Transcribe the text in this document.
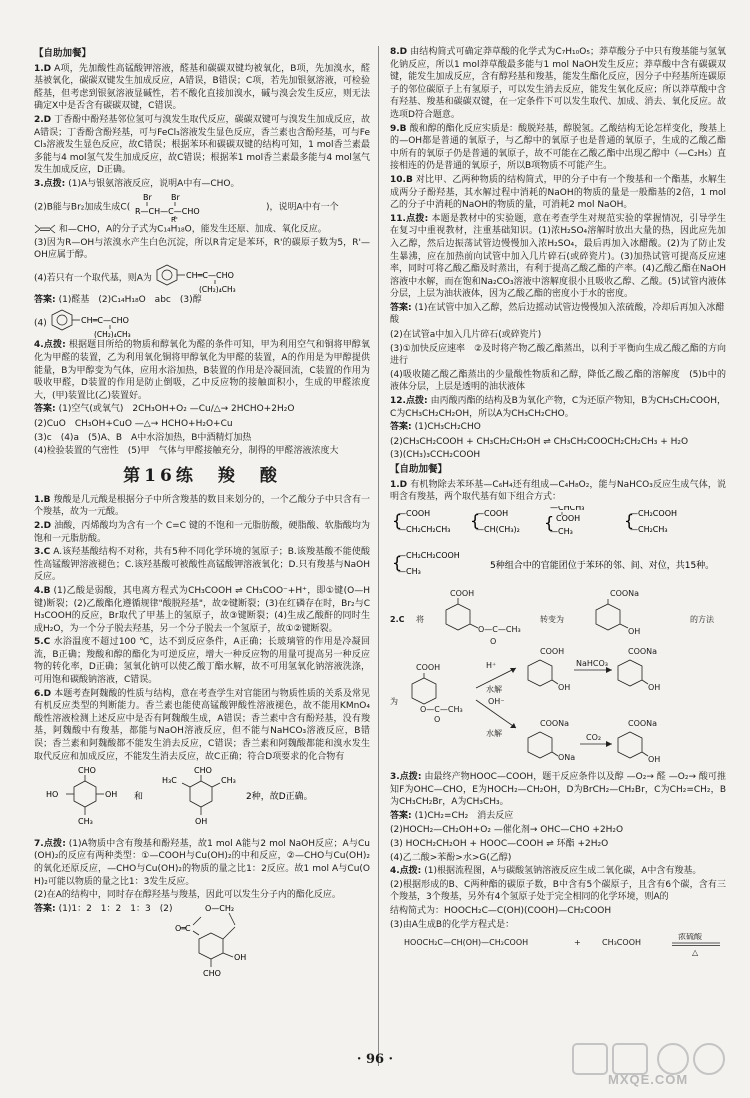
【自助加餐】
1.D A项，先加酸性高锰酸钾溶液，醛基和碳碳双键均被氧化，B项，先加溴水，醛基被氧化，碳碳双键发生加成反应，A错误，B错误；C项，若先加银氨溶液，可检验醛基，但考虑到银氨溶液显碱性，若不酸化直接加溴水，碱与溴会发生反应，则无法确定X中是否含有碳碳双键，C错误。
2.D 丁香酚中酚羟基邻位氢可与溴发生取代反应，碳碳双键可与溴发生加成反应，故A错误；丁香酚含酚羟基，可与FeCl₃溶液发生显色反应，香兰素也含酚羟基，可与FeCl₃溶液发生显色反应，故C错误；根据苯环和碳碳双键的结构可知，1 mol香兰素最多能与4 mol氢气发生加成反应，故C错误；根据苯1 mol香兰素最多能与4 mol氢气发生加成反应，D正确。
3.点拨: (1)A与银氨溶液反应，说明A中有—CHO。
(2)B能与Br₂加成生成C(
Br Br
R—CH—C—CHO
R'
)，说明A中有一个
和—CHO，A的分子式为C₁₄H₁₈O，能发生还原、加成、氧化反应。
(3)因为R—OH与浓溴水产生白色沉淀，所以R肯定是苯环，R'的碳原子数为5，R'—OH应属于醇。
(4)若只有一个取代基，则A为	CH═C—CHO
(CH₂)₄CH₃
答案: (1)醛基　(2)C₁₄H₁₈O　abc　(3)醇
(4)	CH═C—CHO
(CH₂)₄CH₃
4.点拨: 根据题目所给的物质和醇氧化为醛的条件可知，甲为利用空气和铜将甲醇氧化为甲醛的装置，乙为利用氧化铜将甲醇氧化为甲醛的装置，A的作用是为甲醇提供能量，B为甲醇变为气体，应用水浴加热，B装置的作用是冷凝回流，C装置的作用为吸收甲醛，D装置的作用是防止倒吸，乙中反应物的接触面积小，生成的甲醛浓度大，(甲)装置比(乙)装置好。
答案: (1)空气(或氧气)　2CH₃OH+O₂ —Cu/△→ 2HCHO+2H₂O
(2)CuO　CH₃OH+CuO —△→ HCHO+H₂O+Cu
(3)c　(4)a　(5)A、B　A中水浴加热，B中酒精灯加热
(4)检验装置的气密性　(5)甲　气体与甲醛接触充分，制得的甲醛溶液浓度大
第16练　羧　酸
1.B 羧酸是几元酸是根据分子中所含羧基的数目来划分的，一个乙酸分子中只含有一个羧基，故为一元酸。
2.D 油酸，丙烯酸均为含有一个 C=C 键的不饱和一元脂肪酸，硬脂酸、软脂酸均为饱和一元脂肪酸。
3.C A.该羟基酸结构不对称，共有5种不同化学环境的氢原子；B.该羧基酸不能使酸性高锰酸钾溶液褪色；C.该羟基酸可被酸性高锰酸钾溶液氧化；D.只有羧基与NaOH反应。
4.B (1)乙酸是弱酸，其电离方程式为CH₃COOH ⇌ CH₃COO⁻+H⁺，即①键(O—H键)断裂；(2)乙酸酯化遵循规律"酸脱羟基"，故②键断裂；(3)在红磷存在时，Br₂与CH₃COOH的反应，Br取代了甲基上的氢原子，故③键断裂；(4)生成乙酸酐的同时生成H₂O，为一个分子脱去羟基，另一个分子脱去一个氢原子，故①②键断裂。
5.C 水浴温度不超过100 ℃，达不到反应条件，A正确；长玻璃管的作用是冷凝回流，B正确；羧酸和醇的酯化为可逆反应，增大一种反应物的用量可提高另一种反应物的转化率，D正确；氢氧化钠可以使乙酸丁酯水解，故不可用氢氧化钠溶液洗涤，可用饱和碳酸钠溶液，C错误。
6.D 本题考查阿魏酸的性质与结构，意在考查学生对官能团与物质性质的关系及常见有机反应类型的判断能力。香兰素也能使高锰酸钾酸性溶液褪色，故不能用KMnO₄酸性溶液检测上述反应中是否有阿魏酸生成，A错误；香兰素中含有酚羟基，没有羧基，阿魏酸中有羧基，都能与NaOH溶液反应，但不能与NaHCO₃溶液反应，B错误；香兰素和阿魏酸都不能发生消去反应，C错误；香兰素和阿魏酸都能和溴水发生取代反应和加成反应，不能发生消去反应，故C正确；符合D项要求的化合物有
CHO
HO	OH
CH₃
和
CHO
H₃C	CH₃
OH
2种，故D正确。
7.点拨: (1)A物质中含有羧基和酚羟基，故1 mol A能与2 mol NaOH反应；A与Cu(OH)₂的反应有两种类型：①—COOH与Cu(OH)₂的中和反应，②—CHO与Cu(OH)₂的氧化还原反应，—CHO与Cu(OH)₂的物质的量之比1：2反应。故1 mol A与Cu(OH)₂可能以物质的量之比1：3发生反应。
(2)在A的结构中，同时存在醇羟基与羧基，因此可以发生分子内的酯化反应。
答案: (1)1：2　1：2　1：3　(2)	O—CH₂
C
O═
OH
CHO
8.D 由结构简式可确定莽草酸的化学式为C₇H₁₀O₅；莽草酸分子中只有羧基能与氢氧化钠反应，所以1 mol莽草酸最多能与1 mol NaOH发生反应；莽草酸中含有碳碳双键，能发生加成反应，含有醇羟基和羧基，能发生酯化反应，因分子中羟基所连碳原子的邻位碳原子上有氢原子，可以发生消去反应，能发生氧化反应；所以莽草酸中含有羟基、羧基和碳碳双键，在一定条件下可以发生取代、加成、消去、氧化反应。故选项D符合题意。
9.B 酸和醇的酯化反应实质是：酸脱羟基，醇脱氢。乙酸结构无论怎样变化，羧基上的—OH都是普通的氧原子，与乙醇中的氧原子也是普通的氧原子，生成的乙酸乙酯中所有的氧原子仍是普通的氧原子，故不可能在乙酸乙酯中出现乙醇中（—C₂H₅）直接相连的仍是普通的氧原子，所以B项物质不可能产生。
10.B 对比甲、乙两种物质的结构简式，甲的分子中有一个羧基和一个酯基，水解生成两分子酚羟基，其水解过程中消耗的NaOH的物质的量是一般酯基的2倍，1 mol乙的分子中消耗的NaOH的物质的量，可消耗2 mol NaOH。
11.点拨: 本题是教材中的实验题，意在考查学生对规范实验的掌握情况，引导学生在复习中重视教材，注重基础知识。(1)浓H₂SO₄溶解时放出大量的热，因此应先加入乙醇，然后边振荡试管边慢慢加入浓H₂SO₄，最后再加入冰醋酸。(2)为了防止发生暴沸，应在加热前向试管中加入几片碎石(或碎瓷片)。(3)加热试管可提高反应速率，同时可将乙酸乙酯及时蒸出，有利于提高乙酸乙酯的产率。(4)乙酸乙酯在NaOH溶液中水解，而在饱和Na₂CO₃溶液中溶解度很小且吸收乙醇、乙酸。(5)试管内液体分层，上层为油状液体，因为乙酸乙酯的密度小于水的密度。
答案: (1)在试管中加入乙醇，然后边摇动试管边慢慢加入浓硫酸，冷却后再加入冰醋酸
(2)在试管a中加入几片碎石(或碎瓷片)
(3)①加快反应速率　②及时将产物乙酸乙酯蒸出，以利于平衡向生成乙酸乙酯的方向进行
(4)吸收随乙酸乙酯蒸出的少量酸性物质和乙醇，降低乙酸乙酯的溶解度　(5)b中的液体分层，上层是透明的油状液体
12.点拨: 由丙酸丙酯的结构及B为氧化产物，C为还原产物知，B为CH₃CH₂COOH，C为CH₃CH₂CH₂OH，所以A为CH₃CH₂CHO。
答案: (1)CH₃CH₂CHO
(2)CH₃CH₂COOH + CH₃CH₂CH₂OH ⇌ CH₃CH₂COOCH₂CH₂CH₃ + H₂O
(3)(CH₃)₃CCH₂COOH
【自助加餐】
1.D 有机物除去苯环基—C₆H₄还有组成—C₄H₈O₂，能与NaHCO₃反应生成气体，说明含有羧基，两个取代基有如下组合方式：
—COOH
{
—CH₂CH₂CH₃
—COOH
{
—CH(CH₃)₂
—CHCH₃
COOH
{
—CH₃
—CH₂COOH
{
—CH₂CH₃
—CH₂CH₂COOH
{
—CH₃
5种组合中的官能团位于苯环的邻、间、对位，共15种。
2.C 将
COOH
O—C—CH₃
O
转变为
COONa
OH
的方法
为
COOH
O—C—CH₃
O
H⁺
水解
水解
OH⁻
COOH
OH
NaHCO₃
COONa
OH
COONa
ONa
CO₂
COONa
OH
3.点拨: 由最终产物HOOC—COOH，题干反应条件以及醇 —O₂→ 醛 —O₂→ 酸可推知F为OHC—CHO，E为HOCH₂—CH₂OH，D为BrCH₂—CH₂Br，C为CH₂=CH₂，B为CH₃CH₂Br，A为CH₃CH₃。
答案: (1)CH₂=CH₂　消去反应
(2)HOCH₂—CH₂OH+O₂ —催化剂→ OHC—CHO +2H₂O
(3) HOCH₂CH₂OH + HOOC—COOH ⇌ 环酯 +2H₂O
(4)乙二酸>苯酚>水>G(乙醇)
4.点拨: (1)根据流程图，A与碳酸氢钠溶液反应生成二氧化碳，A中含有羧基。
(2)根据形成的B、C两种酯的碳原子数，B中含有5个碳原子，且含有6个碳，含有三个羧基，3个羧基，另外有4个氢原子处于完全相同的化学环境，则A的
结构简式为：HOOCH₂C—C(OH)(COOH)—CH₂COOH
(3)由A生成B的化学方程式是：
HOOCH₂C—CH(OH)—CH₂COOH	+	CH₃COOH
浓硫酸
△
· 96 ·
MXQE.COM
